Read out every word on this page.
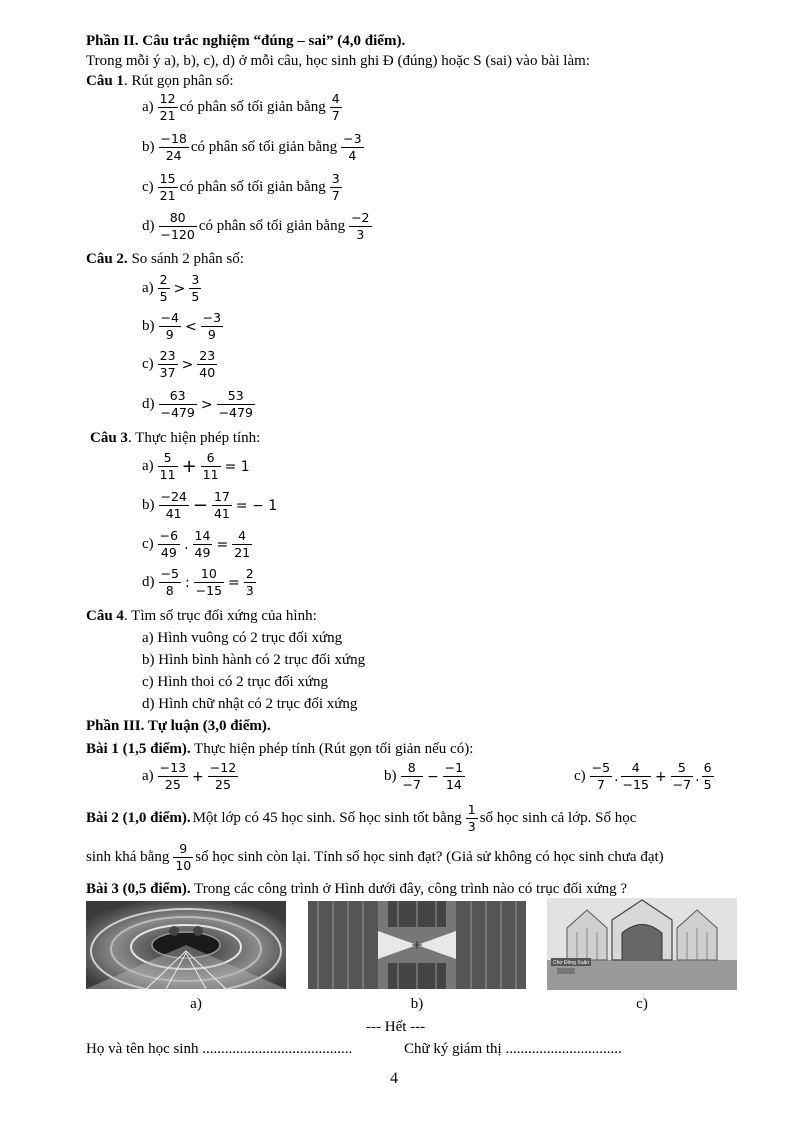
Phần II. Câu trắc nghiệm “đúng – sai” (4,0 điểm).
Trong mỗi ý a), b), c), d) ở mỗi câu, học sinh ghi Đ (đúng) hoặc S (sai) vào bài làm:
Câu 1. Rút gọn phân số:
$a) \frac{12}{21}$ có phân số tối giản bằng $\frac{4}{7}$
$b) \frac{-18}{24}$ có phân số tối giản bằng $\frac{-3}{4}$
$c) \frac{15}{21}$ có phân số tối giản bằng $\frac{3}{7}$
$d) \frac{80}{-120}$ có phân số tối giản bằng $\frac{-2}{3}$
Câu 2. So sánh 2 phân số:
$a) \frac{2}{5} > \frac{3}{5}$
$b) \frac{-4}{9} < \frac{-3}{9}$
$c) \frac{23}{37} > \frac{23}{40}$
$d) \frac{63}{-479} > \frac{53}{-479}$
Câu 3. Thực hiện phép tính:
$a) \frac{5}{11} + \frac{6}{11} = 1$
$b) \frac{-24}{41} - \frac{17}{41}$ = − 1
$c) \frac{-6}{49}$ . $\frac{14}{49} = \frac{4}{21}$
$d) \frac{-5}{8}$ : $\frac{10}{-15} = \frac{2}{3}$
Câu 4. Tìm số trục đối xứng của hình:
a) Hình vuông có 2 trục đối xứng
b) Hình bình hành có 2 trục đối xứng
c) Hình thoi có 2 trục đối xứng
d) Hình chữ nhật có 2 trục đối xứng
Phần III. Tự luận (3,0 điểm).
Bài 1 (1,5 điểm). Thực hiện phép tính (Rút gọn tối giản nếu có):
$a) \frac{-13}{25} + \frac{-12}{25}$	$b) \frac{8}{-7} - \frac{-1}{14}$	$c) \frac{-5}{7}$ . $\frac{4}{-15} + \frac{5}{-7}$ . $\frac{6}{5}$
Bài 2 (1,0 điểm). Một lớp có 45 học sinh. Số học sinh tốt bằng $\frac{1}{3}$ số học sinh cả lớp. Số học
sinh khá bằng $\frac{9}{10}$ số học sinh còn lại. Tính số học sinh đạt? (Giả sử không có học sinh chưa đạt)
Bài 3 (0,5 điểm). Trong các công trình ở Hình dưới đây, công trình nào có trục đối xứng ?
Chợ Đồng Xuân
a)	b)	c)
--- Hết ---
Họ và tên học sinh ........................................	Chữ ký giám thị ...............................
4
